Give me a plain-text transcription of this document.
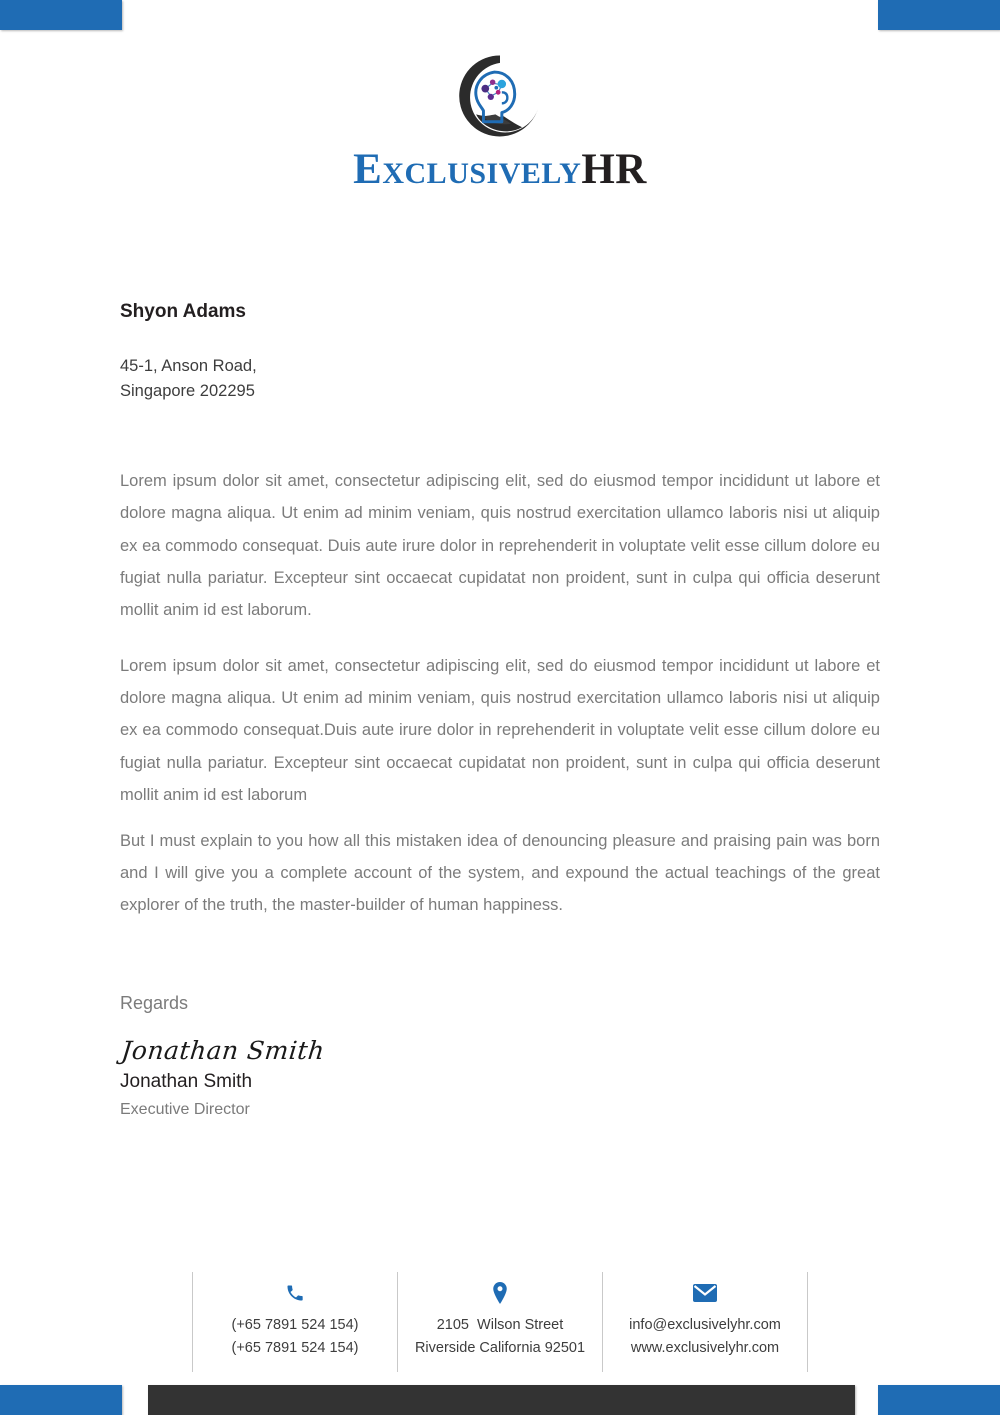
ExclusivelyHR

Shyon Adams

45-1, Anson Road,

Singapore 202295

Lorem ipsum dolor sit amet, consectetur adipiscing elit, sed do eiusmod tempor incididunt ut labore et dolore magna aliqua. Ut enim ad minim veniam, quis nostrud exercitation ullamco laboris nisi ut aliquip ex ea commodo consequat. Duis aute irure dolor in reprehenderit in voluptate velit esse cillum dolore eu fugiat nulla pariatur. Excepteur sint occaecat cupidatat non proident, sunt in culpa qui officia deserunt mollit anim id est laborum.

Lorem ipsum dolor sit amet, consectetur adipiscing elit, sed do eiusmod tempor incididunt ut labore et dolore magna aliqua. Ut enim ad minim veniam, quis nostrud exercitation ullamco laboris nisi ut aliquip ex ea commodo consequat.Duis aute irure dolor in reprehenderit in voluptate velit esse cillum dolore eu fugiat nulla pariatur. Excepteur sint occaecat cupidatat non proident, sunt in culpa qui officia deserunt mollit anim id est laborum

But I must explain to you how all this mistaken idea of denouncing pleasure and praising pain was born and I will give you a complete account of the system, and expound the actual teachings of the great explorer of the truth, the master-builder of human happiness.

Regards

Jonathan Smith

Jonathan Smith

Executive Director

(+65 7891 524 154)
(+65 7891 524 154)
2105  Wilson Street
Riverside California 92501
info@exclusivelyhr.com
www.exclusivelyhr.com
